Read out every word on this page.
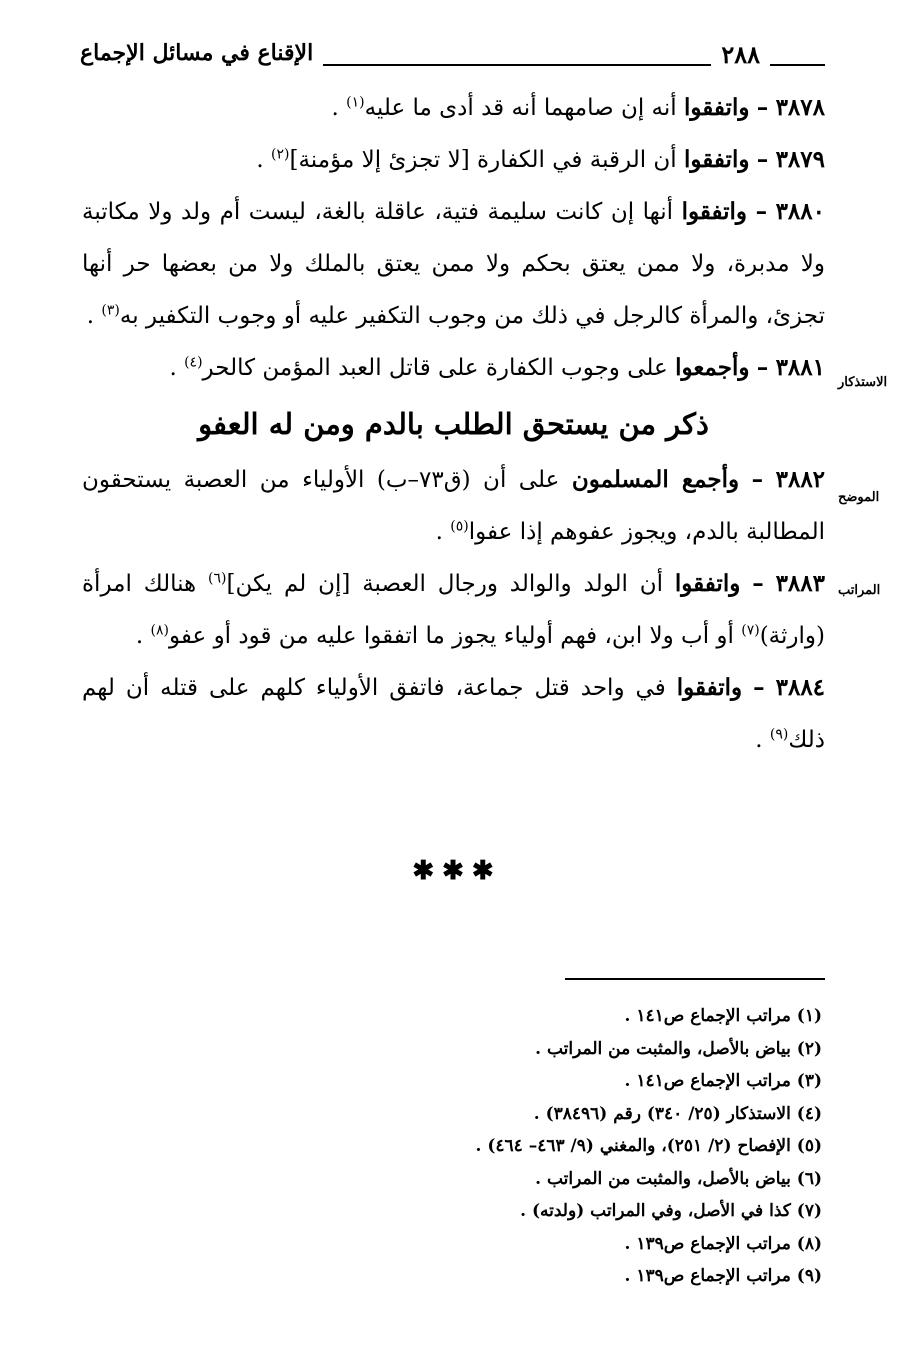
٢٨٨
الإقناع في مسائل الإجماع
الاستذكار
الموضح
المراتب

٣٨٧٨ – واتفقوا أنه إن صامهما أنه قد أدى ما عليه$^{(١)}$ .

٣٨٧٩ – واتفقوا أن الرقبة في الكفارة [لا تجزئ إلا مؤمنة]$^{(٢)}$ .

٣٨٨٠ – واتفقوا أنها إن كانت سليمة فتية، عاقلة بالغة، ليست أم ولد ولا مكاتبة ولا مدبرة، ولا ممن يعتق بحكم ولا ممن يعتق بالملك ولا من بعضها حر أنها تجزئ، والمرأة كالرجل في ذلك من وجوب التكفير عليه أو وجوب التكفير به$^{(٣)}$ .

٣٨٨١ – وأجمعوا على وجوب الكفارة على قاتل العبد المؤمن كالحر$^{(٤)}$ .

ذكر من يستحق الطلب بالدم ومن له العفو

٣٨٨٢ – وأجمع المسلمون على أن (ق٧٣–ب) الأولياء من العصبة يستحقون المطالبة بالدم، ويجوز عفوهم إذا عفوا$^{(٥)}$ .

٣٨٨٣ – واتفقوا أن الولد والوالد ورجال العصبة [إن لم يكن]$^{(٦)}$ هنالك امرأة (وارثة)$^{(٧)}$ أو أب ولا ابن، فهم أولياء يجوز ما اتفقوا عليه من قود أو عفو$^{(٨)}$ .

٣٨٨٤ – واتفقوا في واحد قتل جماعة، فاتفق الأولياء كلهم على قتله أن لهم ذلك$^{(٩)}$ .

✱✱✱
(١) مراتب الإجماع ص١٤١ .
(٢) بياض بالأصل، والمثبت من المراتب .
(٣) مراتب الإجماع ص١٤١ .
(٤) الاستذكار (٢٥/ ٣٤٠) رقم (٣٨٤٩٦) .
(٥) الإفصاح (٢/ ٢٥١)، والمغني (٩/ ٤٦٣– ٤٦٤) .
(٦) بياض بالأصل، والمثبت من المراتب .
(٧) كذا في الأصل، وفي المراتب (ولدته) .
(٨) مراتب الإجماع ص١٣٩ .
(٩) مراتب الإجماع ص١٣٩ .
